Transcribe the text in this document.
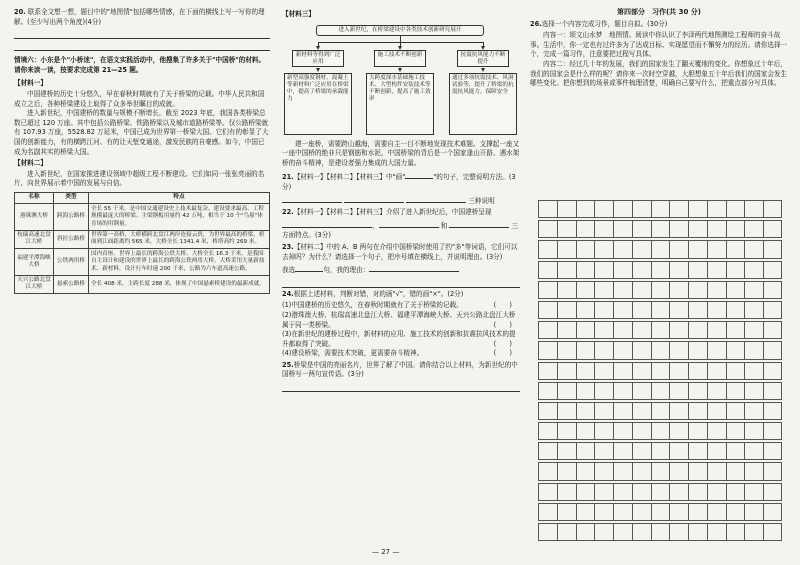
20. 联系全文想一想，题目中的"地图情"包括哪些情感，在下面的横线上写一写你的理解。(至少写出两个角度)(4分)

情境六：小东是个"小桥迷"，在语文实践活动中，他搜集了许多关于"中国桥"的材料。请你来读一读，按要求完成第 21—25 题。

【材料一】

中国建桥的历史十分悠久，早在春秋时期就有了关于桥梁的记载。中华人民共和国成立之后，各种桥梁建设上取得了众多举世瞩目的成就。

进入新世纪，中国建桥的数量与规模不断增长，截至 2023 年底，我国各类桥梁总数已超过 120 万座。其中包括公路桥梁、铁路桥梁以及城市道路桥梁等。仅公路桥梁就有 107.93 万座，5528.82 万延米，中国已成为世界第一桥梁大国。它们有的彰显了大国的创新能力，有的横跨江河、有的让天堑变通途，激发民族的自豪感。如今，中国已成为名副其实的桥梁大国。

【材料二】

进入新世纪，在国家推进建设领域中超级工程不断建设。它们如同一张张亮丽的名片，向世界展示着中国的发展与自信。

名称	类型	特点
港珠澳大桥	跨海公路桥	全长 55 千米，是中国交通建设史上技术最复杂、建设要求最高、工程规模最庞大的桥梁。主梁钢板用量约 42 万吨，相当于 10 个"鸟巢"体育场的用钢量。
杭瑞高速北盘江大桥	斜拉公路桥	世界第一高桥，大桥横跨北盘江两岸连接云贵，为世界最高的桥梁，桥面到江面距离约 565 米，大桥全长 1341.4 米，桥塔高约 269 米。
福建平潭海峡大桥	公铁两用桥	国内首座、世界上最长的跨海公铁大桥。大桥全长 16.3 千米，是我国自主设计和建设的世界上最长的跨海公铁两用大桥。大桥采用大量新技术、新材料，设计行车时速 200 千米，公路为六车道高速公路。
天兴公路北盘江大桥	悬索公路桥	全长 408 米，主跨长度 288 米，体现了中国悬索桥建设的最新成就。
【材料三】
进入新世纪，在桥梁建设中各类技术创新研究展开
新材料等得到广泛应用
施工技术不断创新	抗震抗风能力不断提升
新型高强度钢材、混凝土等新材料广泛应用在桥梁中，提高了桥梁的承载能力
大跨度深水基础施工技术、大型构件安装技术等不断创新，提高了施工效率
通过多项抗震技术、风洞试验等，提升了桥梁的抗震抗风能力，保障安全

建一座桥，需要跨山越海，需要自主一目不断地发现技术难题。支撑起一座又一座中国桥的绝非只是钢筋和水泥，中国桥梁的背后是一个国家逢山开路、遇水架桥的奋斗精神，是建设者强力集成的大国力量。

21.【材料一】【材料二】【材料三】中"画"	"的句子，完整说明方法。(3分)

三种说明

22.【材料一】【材料二】【材料三】介绍了进入新世纪后，中国建桥呈现

、	和	三方面特点。(3分)

23.【材料二】中的 A、B 两句在介绍中国桥梁时使用了约"多"等词语，它们可以去掉吗？为什么？请选择一个句子，把序号填在横线上，并说明理由。(3分)

我选	句，我的理由：

24.根据上述材料，判断对错，对的画"√"，错的画"×"。(2分)

(1)中国建桥的历史悠久，在春秋时期就有了关于桥梁的记载。	(　　)

(2)港珠澳大桥、杭瑞高速北盘江大桥、福建平潭海峡大桥、天兴公路北盘江大桥属于同一类桥梁。	(　　)

(3)在新世纪的建桥过程中，新材料的应用、施工技术的创新和抗震抗风技术的提升都取得了突破。	(　　)

(4)建设桥梁，需要技术突破，更需要奋斗精神。	(　　)

25.桥梁是中国的亮丽名片，世界了解了中国。请你结合以上材料，为新世纪的中国桥写一两句宣传语。(3分)

第四部分　习作(共 30 分)

26.选择一个内容完成习作，题目自拟。(30分)

内容一：颂文山水梦　地图情。阅读中你认识了李泽两代地图测绘工程师的奋斗故事。生活中，你一定也有过许多为了达成目标、实现愿望而不懈努力的经历。请你选择一个，完成一篇习作，注意要把过程写具体。

内容二：经过几十年的发展，我们的国家发生了翻天覆地的变化。你想象过十年后，我们的国家会是什么样的呢？请你来一次时空穿越，大胆想象五十年后我们的国家会发生哪些变化。把你想到的场景或事件梳理清楚，明确自己要写什么，把重点部分写具体。

— 27 —
